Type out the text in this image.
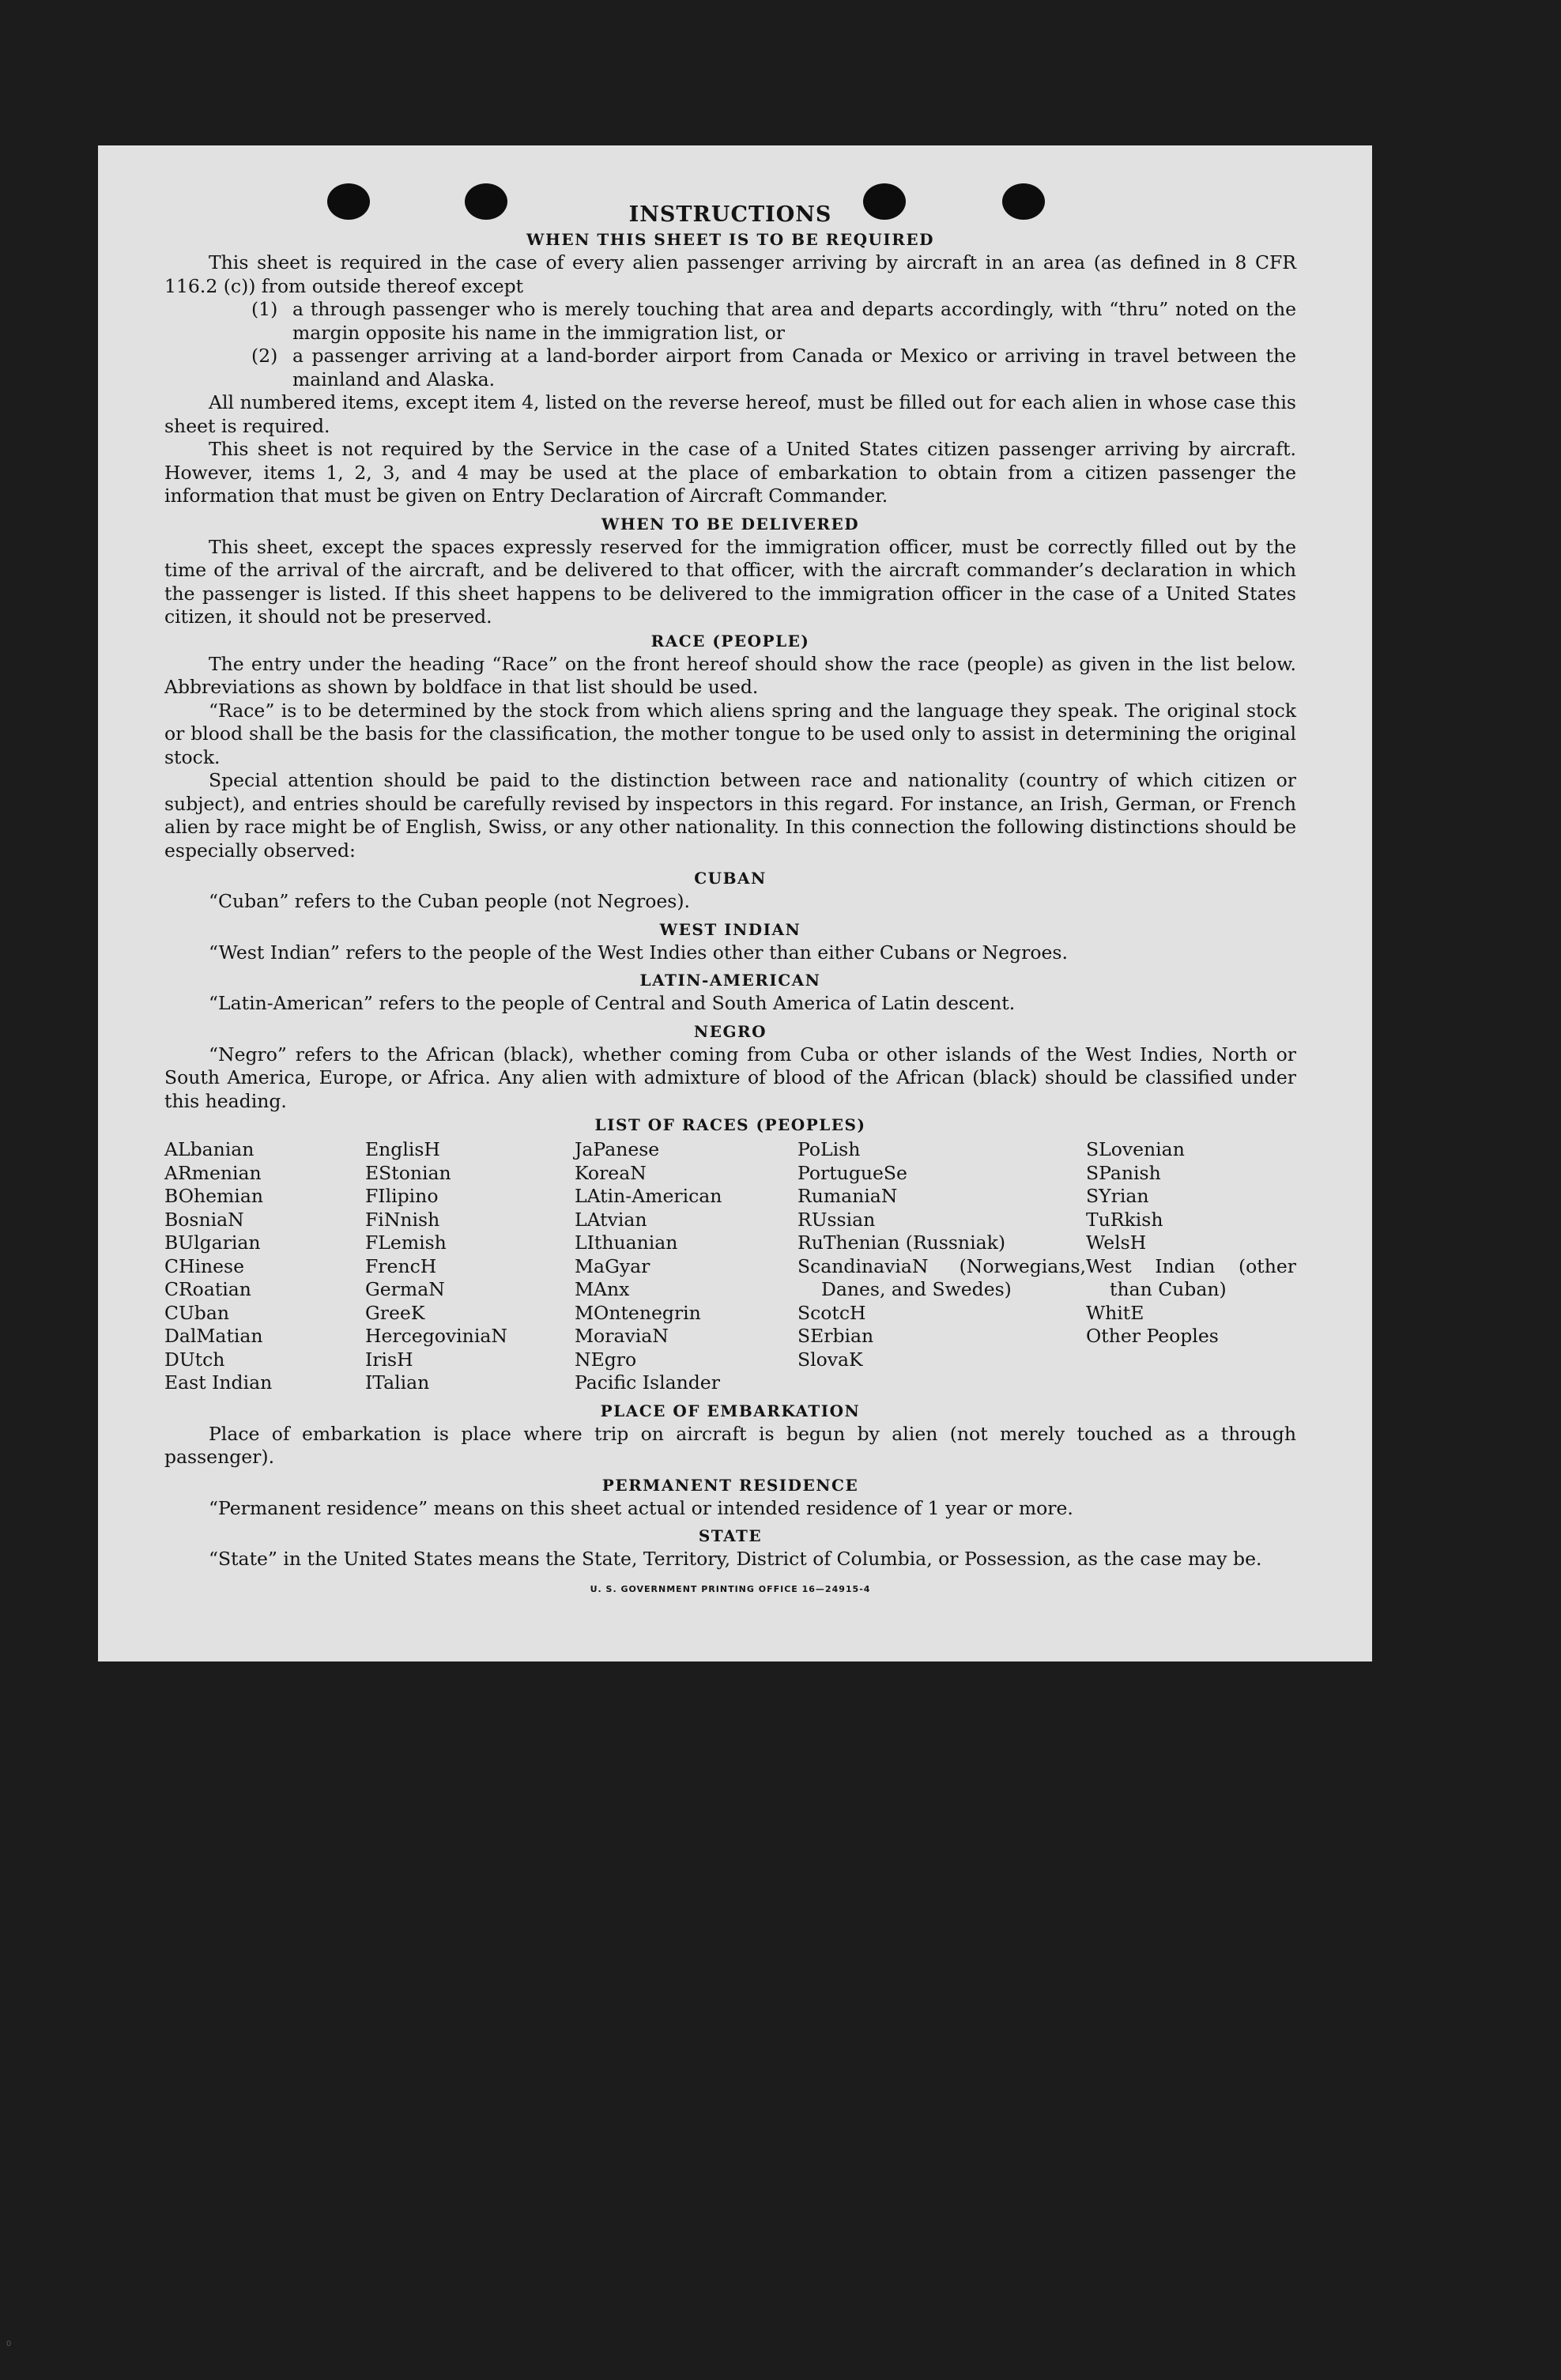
INSTRUCTIONS
WHEN THIS SHEET IS TO BE REQUIRED

This sheet is required in the case of every alien passenger arriving by aircraft in an area (as defined in 8 CFR 116.2 (c)) from outside thereof except

(1) a through passenger who is merely touching that area and departs accordingly, with “thru” noted on the margin opposite his name in the immigration list, or
(2) a passenger arriving at a land-border airport from Canada or Mexico or arriving in travel between the mainland and Alaska.

All numbered items, except item 4, listed on the reverse hereof, must be filled out for each alien in whose case this sheet is required.

This sheet is not required by the Service in the case of a United States citizen passenger arriving by aircraft. However, items 1, 2, 3, and 4 may be used at the place of embarkation to obtain from a citizen passenger the information that must be given on Entry Declaration of Aircraft Commander.

WHEN TO BE DELIVERED

This sheet, except the spaces expressly reserved for the immigration officer, must be correctly filled out by the time of the arrival of the aircraft, and be delivered to that officer, with the aircraft commander’s declaration in which the passenger is listed. If this sheet happens to be delivered to the immigration officer in the case of a United States citizen, it should not be preserved.

RACE (PEOPLE)

The entry under the heading “Race” on the front hereof should show the race (people) as given in the list below. Abbreviations as shown by boldface in that list should be used.

“Race” is to be determined by the stock from which aliens spring and the language they speak. The original stock or blood shall be the basis for the classification, the mother tongue to be used only to assist in determining the original stock.

Special attention should be paid to the distinction between race and nationality (country of which citizen or subject), and entries should be carefully revised by inspectors in this regard. For instance, an Irish, German, or French alien by race might be of English, Swiss, or any other nationality. In this connection the following distinctions should be especially observed:

CUBAN

“Cuban” refers to the Cuban people (not Negroes).

WEST INDIAN

“West Indian” refers to the people of the West Indies other than either Cubans or Negroes.

LATIN-AMERICAN

“Latin-American” refers to the people of Central and South America of Latin descent.

NEGRO

“Negro” refers to the African (black), whether coming from Cuba or other islands of the West Indies, North or South America, Europe, or Africa. Any alien with admixture of blood of the African (black) should be classified under this heading.

LIST OF RACES (PEOPLES)
ALbanian
ARmenian
BOhemian
BosniaN
BUlgarian
CHinese
CRoatian
CUban
DalMatian
DUtch
East Indian
EnglisH
EStonian
FIlipino
FiNnish
FLemish
FrencH
GermaN
GreeK
HercegoviniaN
IrisH
ITalian
JaPanese
KoreaN
LAtin-American
LAtvian
LIthuanian
MaGyar
MAnx
MOntenegrin
MoraviaN
NEgro
Pacific Islander
PoLish
PortugueSe
RumaniaN
RUssian
RuThenian (Russniak)
ScandinaviaN (Norwegians, Danes, and Swedes)
ScotcH
SErbian
SlovaK
SLovenian
SPanish
SYrian
TuRkish
WelsH
West Indian (other than Cuban)
WhitE
Other Peoples
PLACE OF EMBARKATION

Place of embarkation is place where trip on aircraft is begun by alien (not merely touched as a through passenger).

PERMANENT RESIDENCE

“Permanent residence” means on this sheet actual or intended residence of 1 year or more.

STATE

“State” in the United States means the State, Territory, District of Columbia, or Possession, as the case may be.

U. S. GOVERNMENT PRINTING OFFICE 16—24915-4
0
